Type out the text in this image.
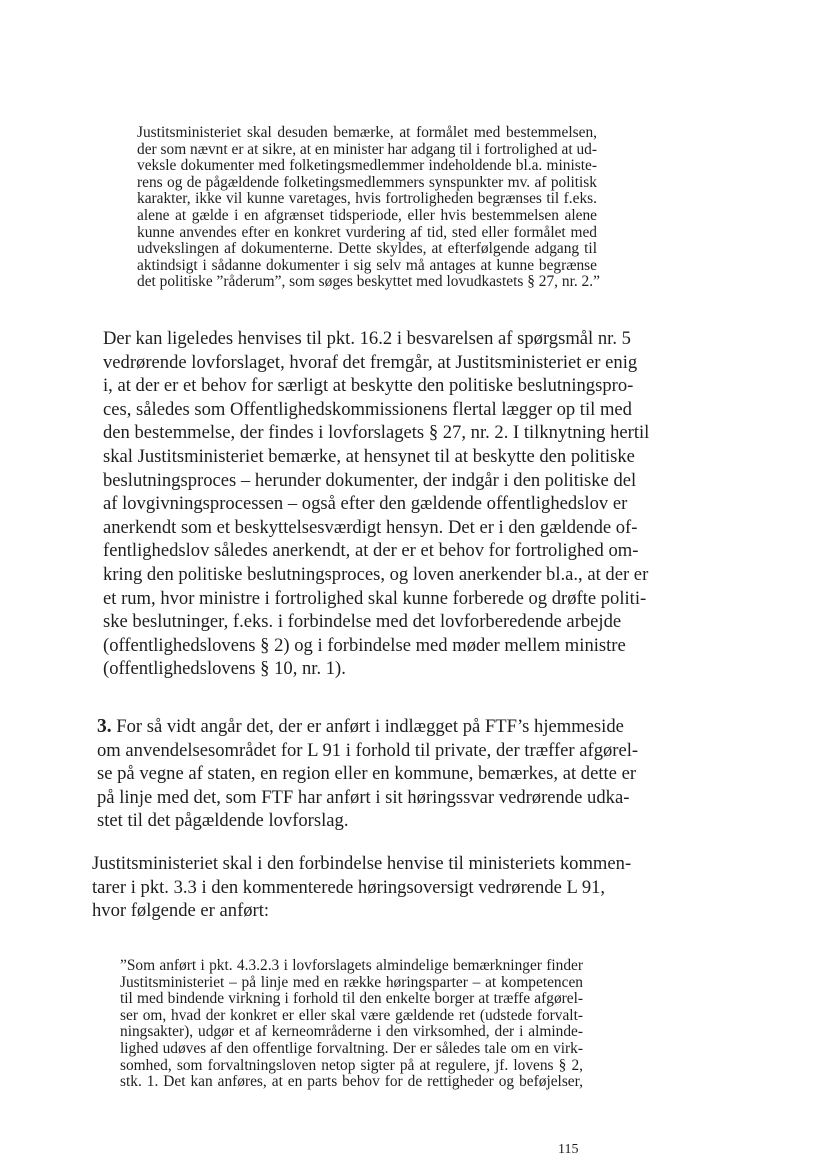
Justitsministeriet skal desuden bemærke, at formålet med bestemmelsen,
der som nævnt er at sikre, at en minister har adgang til i fortrolighed at ud-
veksle dokumenter med folketingsmedlemmer indeholdende bl.a. ministe-
rens og de pågældende folketingsmedlemmers synspunkter mv. af politisk
karakter, ikke vil kunne varetages, hvis fortroligheden begrænses til f.eks.
alene at gælde i en afgrænset tidsperiode, eller hvis bestemmelsen alene
kunne anvendes efter en konkret vurdering af tid, sted eller formålet med
udvekslingen af dokumenterne. Dette skyldes, at efterfølgende adgang til
aktindsigt i sådanne dokumenter i sig selv må antages at kunne begrænse
det politiske ”råderum”, som søges beskyttet med lovudkastets § 27, nr. 2.”
Der kan ligeledes henvises til pkt. 16.2 i besvarelsen af spørgsmål nr. 5
vedrørende lovforslaget, hvoraf det fremgår, at Justitsministeriet er enig
i, at der er et behov for særligt at beskytte den politiske beslutningspro-
ces, således som Offentlighedskommissionens flertal lægger op til med
den bestemmelse, der findes i lovforslagets § 27, nr. 2. I tilknytning hertil
skal Justitsministeriet bemærke, at hensynet til at beskytte den politiske
beslutningsproces – herunder dokumenter, der indgår i den politiske del
af lovgivningsprocessen – også efter den gældende offentlighedslov er
anerkendt som et beskyttelsesværdigt hensyn. Det er i den gældende of-
fentlighedslov således anerkendt, at der er et behov for fortrolighed om-
kring den politiske beslutningsproces, og loven anerkender bl.a., at der er
et rum, hvor ministre i fortrolighed skal kunne forberede og drøfte politi-
ske beslutninger, f.eks. i forbindelse med det lovforberedende arbejde
(offentlighedslovens § 2) og i forbindelse med møder mellem ministre
(offentlighedslovens § 10, nr. 1).
3. For så vidt angår det, der er anført i indlægget på FTF’s hjemmeside
om anvendelsesområdet for L 91 i forhold til private, der træffer afgørel-
se på vegne af staten, en region eller en kommune, bemærkes, at dette er
på linje med det, som FTF har anført i sit høringssvar vedrørende udka-
stet til det pågældende lovforslag.
Justitsministeriet skal i den forbindelse henvise til ministeriets kommen-
tarer i pkt. 3.3 i den kommenterede høringsoversigt vedrørende L 91,
hvor følgende er anført:
”Som anført i pkt. 4.3.2.3 i lovforslagets almindelige bemærkninger finder
Justitsministeriet – på linje med en række høringsparter – at kompetencen
til med bindende virkning i forhold til den enkelte borger at træffe afgørel-
ser om, hvad der konkret er eller skal være gældende ret (udstede forvalt-
ningsakter), udgør et af kerneområderne i den virksomhed, der i alminde-
lighed udøves af den offentlige forvaltning. Der er således tale om en virk-
somhed, som forvaltningsloven netop sigter på at regulere, jf. lovens § 2,
stk. 1. Det kan anføres, at en parts behov for de rettigheder og beføjelser,
115
